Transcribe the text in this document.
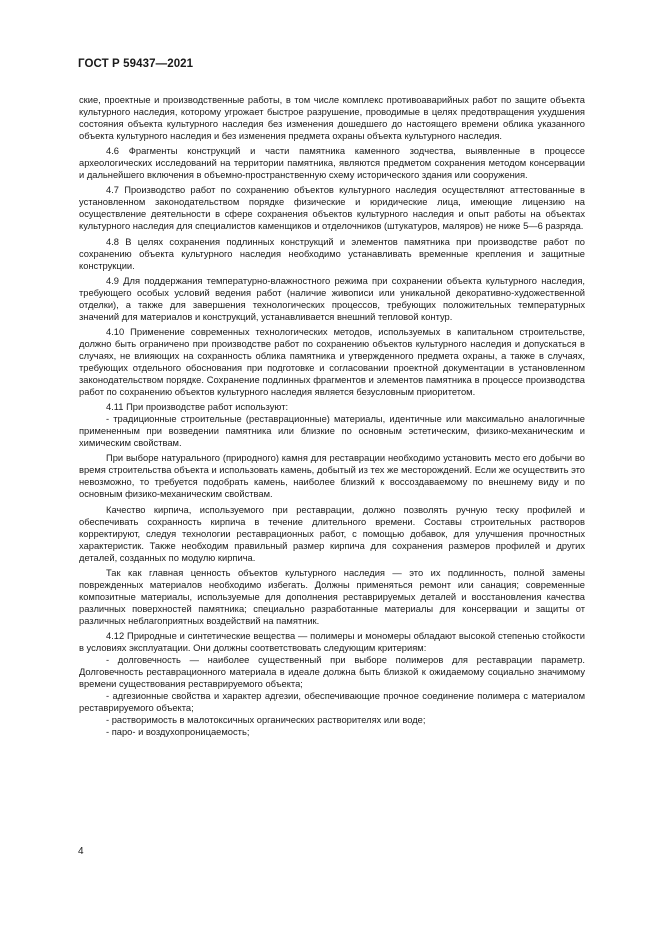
ГОСТ Р 59437—2021

ские, проектные и производственные работы, в том числе комплекс противоаварийных работ по защите объекта культурного наследия, которому угрожает быстрое разрушение, проводимые в целях предотвращения ухудшения состояния объекта культурного наследия без изменения дошедшего до настоящего времени облика указанного объекта культурного наследия и без изменения предмета охраны объекта культурного наследия.

4.6 Фрагменты конструкций и части памятника каменного зодчества, выявленные в процессе археологических исследований на территории памятника, являются предметом сохранения методом консервации и дальнейшего включения в объемно-пространственную схему исторического здания или сооружения.

4.7 Производство работ по сохранению объектов культурного наследия осуществляют аттестованные в установленном законодательством порядке физические и юридические лица, имеющие лицензию на осуществление деятельности в сфере сохранения объектов культурного наследия и опыт работы на объектах культурного наследия для специалистов каменщиков и отделочников (штукатуров, маляров) не ниже 5—6 разряда.

4.8 В целях сохранения подлинных конструкций и элементов памятника при производстве работ по сохранению объекта культурного наследия необходимо устанавливать временные крепления и защитные конструкции.

4.9 Для поддержания температурно-влажностного режима при сохранении объекта культурного наследия, требующего особых условий ведения работ (наличие живописи или уникальной декоративно-художественной отделки), а также для завершения технологических процессов, требующих положительных температурных значений для материалов и конструкций, устанавливается внешний тепловой контур.

4.10 Применение современных технологических методов, используемых в капитальном строительстве, должно быть ограничено при производстве работ по сохранению объектов культурного наследия и допускаться в случаях, не влияющих на сохранность облика памятника и утвержденного предмета охраны, а также в случаях, требующих отдельного обоснования при подготовке и согласовании проектной документации в установленном законодательством порядке. Сохранение подлинных фрагментов и элементов памятника в процессе производства работ по сохранению объектов культурного наследия является безусловным приоритетом.

4.11 При производстве работ используют:

- традиционные строительные (реставрационные) материалы, идентичные или максимально аналогичные примененным при возведении памятника или близкие по основным эстетическим, физико-механическим и химическим свойствам.

При выборе натурального (природного) камня для реставрации необходимо установить место его добычи во время строительства объекта и использовать камень, добытый из тех же месторождений. Если же осуществить это невозможно, то требуется подобрать камень, наиболее близкий к воссоздаваемому по внешнему виду и по основным физико-механическим свойствам.

Качество кирпича, используемого при реставрации, должно позволять ручную теску профилей и обеспечивать сохранность кирпича в течение длительного времени. Составы строительных растворов корректируют, следуя технологии реставрационных работ, с помощью добавок, для улучшения прочностных характеристик. Также необходим правильный размер кирпича для сохранения размеров профилей и других деталей, созданных по модулю кирпича.

Так как главная ценность объектов культурного наследия — это их подлинность, полной замены поврежденных материалов необходимо избегать. Должны применяться ремонт или санация; современные композитные материалы, используемые для дополнения реставрируемых деталей и восстановления качества различных поверхностей памятника; специально разработанные материалы для консервации и защиты от различных неблагоприятных воздействий на памятник.

4.12 Природные и синтетические вещества — полимеры и мономеры обладают высокой степенью стойкости в условиях эксплуатации. Они должны соответствовать следующим критериям:

- долговечность — наиболее существенный при выборе полимеров для реставрации параметр. Долговечность реставрационного материала в идеале должна быть близкой к ожидаемому социально значимому времени существования реставрируемого объекта;

- адгезионные свойства и характер адгезии, обеспечивающие прочное соединение полимера с материалом реставрируемого объекта;

- растворимость в малотоксичных органических растворителях или воде;

- паро- и воздухопроницаемость;

4
